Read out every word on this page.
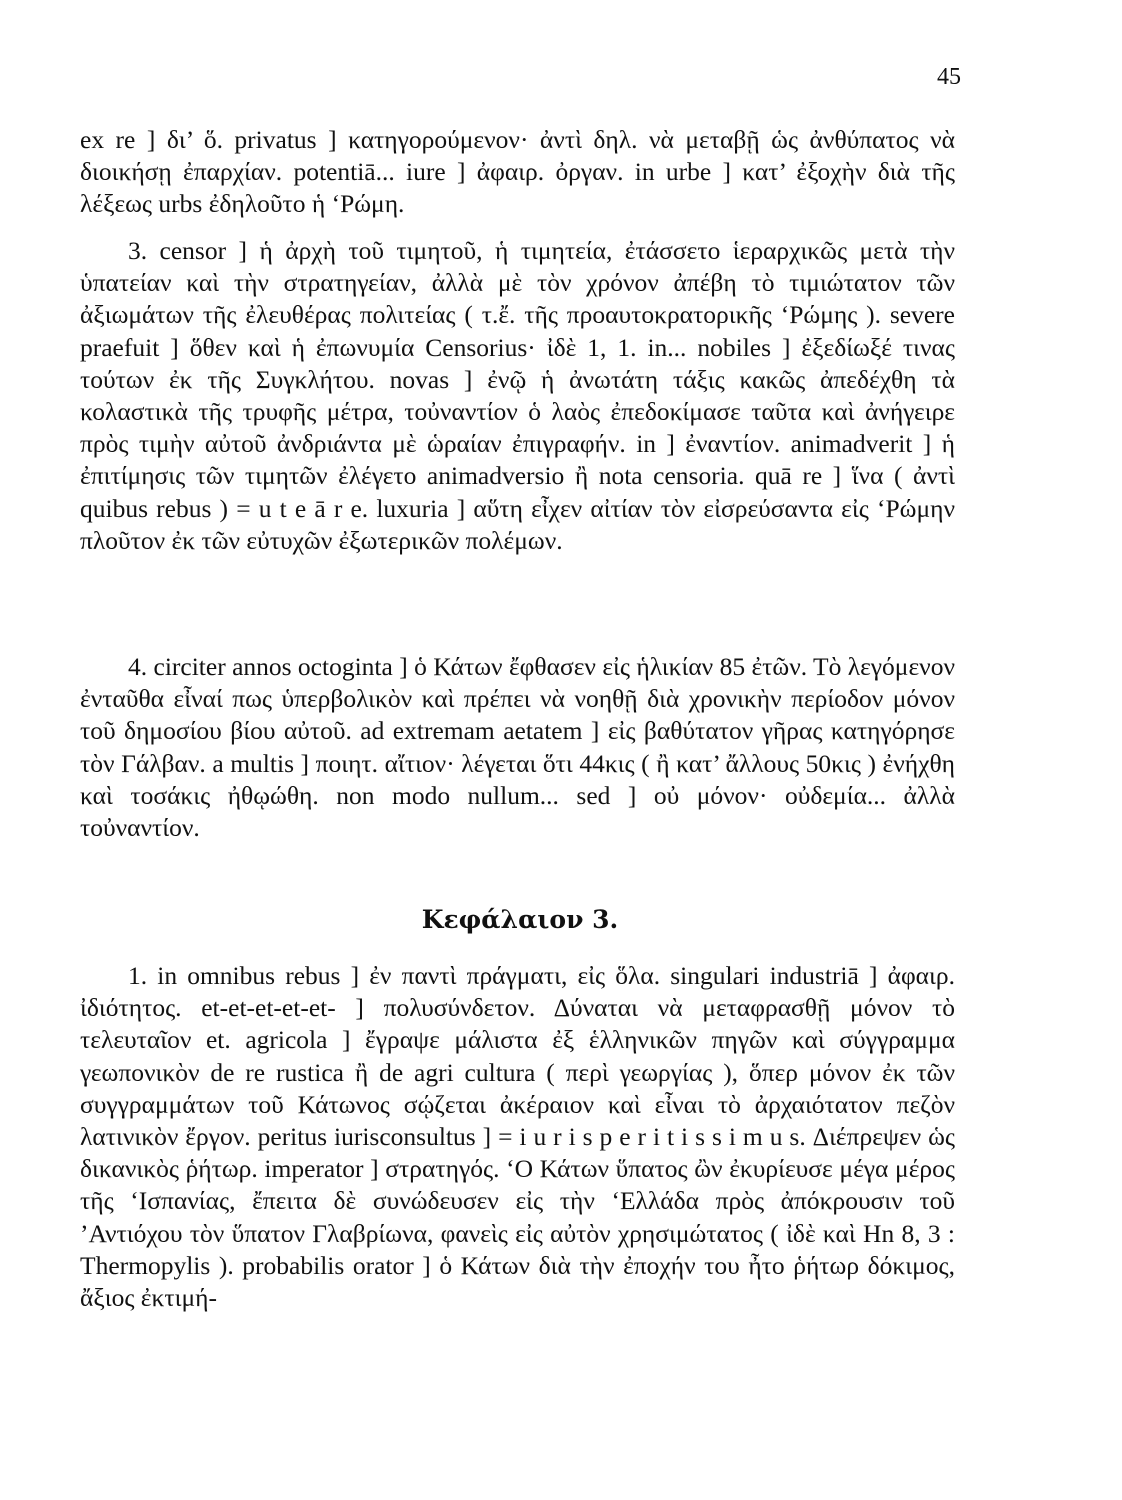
45

ex re ] δι’ ὅ. privatus ] κατηγορούμενον· ἀντὶ δηλ. νὰ μεταβῇ ὡς ἀνθύπατος νὰ διοικήσῃ ἐπαρχίαν. potentiā... iure ] ἀφαιρ. ὀργαν. in urbe ] κατ’ ἐξοχὴν διὰ τῆς λέξεως urbs ἐδηλοῦτο ἡ ‘Ρώμη.

3. censor ] ἡ ἀρχὴ τοῦ τιμητοῦ, ἡ τιμητεία, ἐτάσσετο ἱεραρχικῶς μετὰ τὴν ὑπατείαν καὶ τὴν στρατηγείαν, ἀλλὰ μὲ τὸν χρόνον ἀπέβη τὸ τιμιώτατον τῶν ἀξιωμάτων τῆς ἐλευθέρας πολιτείας ( τ.ἔ. τῆς προαυτοκρατορικῆς ‘Ρώμης ). severe praefuit ] ὅθεν καὶ ἡ ἐπωνυμία Censorius· ἰδὲ 1, 1. in... nobiles ] ἐξεδίωξέ τινας τούτων ἐκ τῆς Συγκλήτου. novas ] ἐνῷ ἡ ἀνωτάτη τάξις κακῶς ἀπεδέχθη τὰ κολαστικὰ τῆς τρυφῆς μέτρα, τοὐναντίον ὁ λαὸς ἐπεδοκίμασε ταῦτα καὶ ἀνήγειρε πρὸς τιμὴν αὐτοῦ ἀνδριάντα μὲ ὡραίαν ἐπιγραφήν. in ] ἐναντίον. animadverit ] ἡ ἐπιτίμησις τῶν τιμητῶν ἐλέγετο animadversio ἢ nota censoria. quā re ] ἵνα ( ἀντὶ quibus rebus ) = u t e ā r e. luxuria ] αὕτη εἶχεν αἰτίαν τὸν εἰσρεύσαντα εἰς ‘Ρώμην πλοῦτον ἐκ τῶν εὐτυχῶν ἐξωτερικῶν πολέμων.

4. circiter annos octoginta ] ὁ Κάτων ἔφθασεν εἰς ἡλικίαν 85 ἐτῶν. Τὸ λεγόμενον ἐνταῦθα εἶναί πως ὑπερβολικὸν καὶ πρέπει νὰ νοηθῇ διὰ χρονικὴν περίοδον μόνον τοῦ δημοσίου βίου αὐτοῦ. ad extremam aetatem ] εἰς βαθύτατον γῆρας κατηγόρησε τὸν Γάλβαν. a multis ] ποιητ. αἴτιον· λέγεται ὅτι 44κις ( ἢ κατ’ ἄλλους 50κις ) ἐνήχθη καὶ τοσάκις ἠθῳώθη. non modo nullum... sed ] οὐ μόνον· οὐδεμία... ἀλλὰ τοὐναντίον.

Κεφάλαιον 3.

1. in omnibus rebus ] ἐν παντὶ πράγματι, εἰς ὅλα. singulari industriā ] ἀφαιρ. ἰδιότητος. et-et-et-et-et- ] πολυσύνδετον. Δύναται νὰ μεταφρασθῇ μόνον τὸ τελευταῖον et. agricola ] ἔγραψε μάλιστα ἐξ ἑλληνικῶν πηγῶν καὶ σύγγραμμα γεωπονικὸν de re rustica ἢ de agri cultura ( περὶ γεωργίας ), ὅπερ μόνον ἐκ τῶν συγγραμμάτων τοῦ Κάτωνος σῴζεται ἀκέραιον καὶ εἶναι τὸ ἀρχαιότατον πεζὸν λατινικὸν ἔργον. peritus iurisconsultus ] = i u r i s p e r i t i s s i m u s. Διέπρεψεν ὡς δικανικὸς ῥήτωρ. imperator ] στρατηγός. ‘Ο Κάτων ὕπατος ὢν ἐκυρίευσε μέγα μέρος τῆς ‘Ισπανίας, ἔπειτα δὲ συνώδευσεν εἰς τὴν ‘Ελλάδα πρὸς ἀπόκρουσιν τοῦ ’Αντιόχου τὸν ὕπατον Γλαβρίωνα, φανεὶς εἰς αὐτὸν χρησιμώτατος ( ἰδὲ καὶ Hn 8, 3 : Thermopylis ). probabilis orator ] ὁ Κάτων διὰ τὴν ἐποχήν του ἦτο ῥήτωρ δόκιμος, ἄξιος ἐκτιμή-
